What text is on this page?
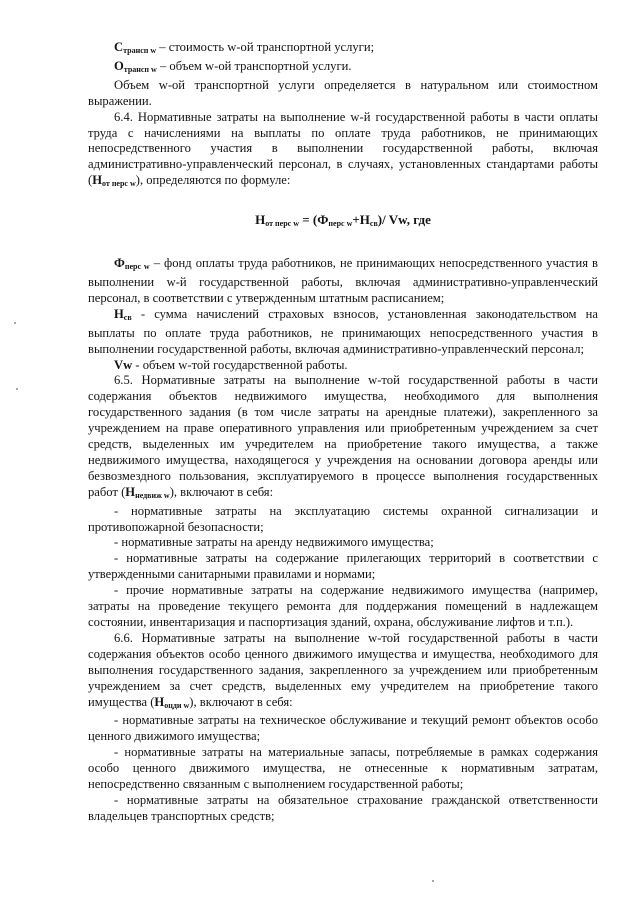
$С_{трансп w}$ – стоимость w-ой транспортной услуги;

$О_{трансп w}$ – объем w-ой транспортной услуги.

Объем w-ой транспортной услуги определяется в натуральном или стоимостном выражении.

6.4. Нормативные затраты на выполнение w-й государственной работы в части оплаты труда с начислениями на выплаты по оплате труда работников, не принимающих непосредственного участия в выполнении государственной работы, включая административно-управленческий персонал, в случаях, установленных стандартами работы $(Н_{от перс w})$, определяются по формуле:

$Н_{от перс w} = (Ф_{перс w}+Н_{св})/$ Vw, где

$Ф_{перс w}$ – фонд оплаты труда работников, не принимающих непосредственного участия в выполнении w-й государственной работы, включая административно-управленческий персонал, в соответствии с утвержденным штатным расписанием;

$Н_{св}$ - сумма начислений страховых взносов, установленная законодательством на выплаты по оплате труда работников, не принимающих непосредственного участия в выполнении государственной работы, включая административно-управленческий персонал;

Vw - объем w-той государственной работы.

6.5. Нормативные затраты на выполнение w-той государственной работы в части содержания объектов недвижимого имущества, необходимого для выполнения государственного задания (в том числе затраты на арендные платежи), закрепленного за учреждением на праве оперативного управления или приобретенным учреждением за счет средств, выделенных им учредителем на приобретение такого имущества, а также недвижимого имущества, находящегося у учреждения на основании договора аренды или безвозмездного пользования, эксплуатируемого в процессе выполнения государственных работ $(Н_{недвиж w})$, включают в себя:

- нормативные затраты на эксплуатацию системы охранной сигнализации и противопожарной безопасности;

- нормативные затраты на аренду недвижимого имущества;

- нормативные затраты на содержание прилегающих территорий в соответствии с утвержденными санитарными правилами и нормами;

- прочие нормативные затраты на содержание недвижимого имущества (например, затраты на проведение текущего ремонта для поддержания помещений в надлежащем состоянии, инвентаризация и паспортизация зданий, охрана, обслуживание лифтов и т.п.).

6.6. Нормативные затраты на выполнение w-той государственной работы в части содержания объектов особо ценного движимого имущества и имущества, необходимого для выполнения государственного задания, закрепленного за учреждением или приобретенным учреждением за счет средств, выделенных ему учредителем на приобретение такого имущества $(Н_{оцди w})$, включают в себя:

- нормативные затраты на техническое обслуживание и текущий ремонт объектов особо ценного движимого имущества;

- нормативные затраты на материальные запасы, потребляемые в рамках содержания особо ценного движимого имущества, не отнесенные к нормативным затратам, непосредственно связанным с выполнением государственной работы;

- нормативные затраты на обязательное страхование гражданской ответственности владельцев транспортных средств;
